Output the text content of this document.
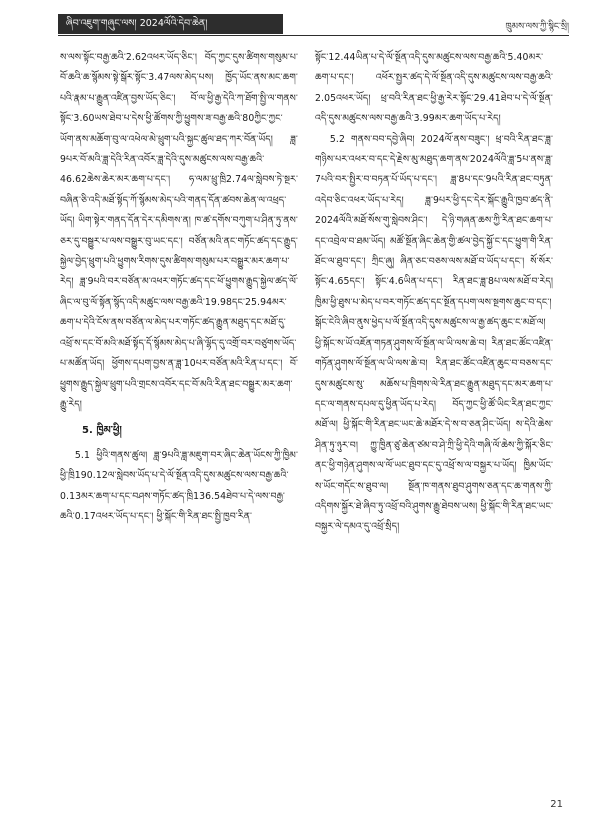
ཞིབ་འཇུག་གཞུང་ལས། 2024ལོའི་དེབ་ཆེན།	ཁྲུམས་ལས་ཀྱི་སྙིང་སྲི།

ས་ལས་སྟོང་བརྒྱ་ཆའི་2.62འཕར་ཡོད་ཅིང་། བོད་ཀྱང་དུས་ཚིགས་གསུམ་པ་བོ་ཆའི་ཆ་སྙོམས་སྟེ་སྒོར་སྟོང་3.47ལས་མེད་པས། ཁྱོད་ཡོང་ནས་མང་ཆག་པའི་རྣམ་པ་རྒྱུན་འཛིན་བྱས་ཡོད་ཅིང་། བོ་ལ་ཕྱི་རྒྱ་དེའི་ཀ་ཐོག་སྤྱི་ལ་གནས་སྟོང་3.60ཡས་ཐེབ་པ་དེས་ཕྱི་ཚོགས་ཀྱི་ཕྱུགས་ཟ་བརྒྱ་ཆའི་80ཀྱིང་ཀྱང་ཡོག་ནས་མཆོག་བུ་ལ་འཕེལ་མེ་ཕྲུག་པའི་སྐྱང་ཚུལ་ཐད་ཀར་བོན་ཡོད། ཟླ་9པར་བོ་མའི་ཟླ་དེའི་རིན་འབོར་ཟླ་དེའི་དུས་མཚུངས་ལས་བརྒྱ་ཆའི་46.62ཆེས་ཆེར་མར་ཆག་པ་དང་། ཧ་ལམ་ཕྲུ་ཁྲི2.74ལ་སླེབས་ཏེ་སྔར་བཞིན་ཅི་འདི་མཐོ་སྟོད་ཀོ་སྙོམས་མེད་པའི་གནད་དོན་ཚབས་ཆེན་ལ་འཕྲད་ཡོད། ཡིག་སྟེར་གནད་དོན་དེར་དམིགས་ན། ཁ་ཚ་དགོས་བཀུག་པ་ཤིན་ཏུ་ནས་ཅར་དུ་བསྒྱུར་པ་ལས་བསྒྱུར་བུ་ཡང་དང་། བཙོན་མའི་ནང་གཏོང་ཚད་དང་རྒྱུད་སྐྱེལ་བྱེད་ཕྲུག་པའི་ཕྱུགས་རིགས་དུས་ཚིགས་གསུམ་པར་བསྒྱུར་མར་ཆག་པ་རེད། ཟླ་9པའི་བར་བཙོན་མ་འཕར་གཏོང་ཚད་དང་ཕོ་ཕྱུགས་རྒྱུད་སྐྱེལ་ཚད་ལོ་ཞིང་ལ་བུ་ལོ་སྟོན་སྙོད་འདི་མཚུང་ལས་བརྒྱ་ཆའི་19.98དང་25.94མར་ཆག་པ་དེའི་ངོས་ནས་བཙོན་ལ་མེད་པར་གཏོང་ཚད་རྒྱུན་མཐུད་དང་མཐོ་དུ་འཕྲོ་ས་དང་བོ་མའི་མཐོ་སྟོད་དོ་སྙོམས་མེད་པ་ཞི་ལྷོད་དུ་འགྲོ་བར་བཙུགས་ཡོད་པ་མཚོན་ཡོད། ཕྱོགས་དཔག་བྱས་ན་ཟླ་10པར་བཙོན་མའི་རིན་པ་དང་། བོ་ཕྱུགས་རྒྱུད་སྐྱེལ་ཕྲུག་པའི་གྲངས་འབོར་དང་བོ་མའི་རིན་ཐང་བསྒྱུར་མར་ཆག་རྒྱུ་རེད།

5. ཁྱིམ་ཕྱི།

5.1 ཕྱིའི་གནས་ཚུལ། ཟླ་9པའི་ཟླ་མཇུག་བར་ཞིང་ཆེན་ཡོངས་ཀྱི་ཁྱིམ་ཕྱི་ཁྲི190.12ལ་སླེབས་ཡོད་པ་དེ་ལོ་སྔོན་འདི་དུས་མཚུངས་ལས་བརྒྱ་ཆའི་0.13མར་ཆག་པ་དང་བཤས་གཏོང་ཚད་ཁྲི136.54ཐེབ་པ་དེ་ལས་བརྒྱ་ཆའི་0.17འཕར་ཡོད་པ་དང་། ཕྱི་སྐོང་གི་རིན་ཐང་སྤྱི་ཁྱབ་རིན་

སྟོང་12.44ཡིན་པ་དེ་ལོ་སྔོན་འདི་དུས་མཚུངས་ལས་བརྒྱ་ཆའི་5.40མར་ཆག་པ་དང་། འཕོར་སྤྱར་ཚད་དེ་ལོ་སྔོན་འདི་དུས་མཚུངས་ལས་བརྒྱ་ཆའི་2.05འཕར་ཡོད། ཕྲ་བའི་རིན་ཐང་ཕྱི་རྒྱ་རེར་སྟོང་29.41ཐེབ་པ་དེ་ལོ་སྔོན་འདི་དུས་མཚུངས་ལས་བརྒྱ་ཆའི་3.99མར་ཆག་ཡོད་པ་རེད།

5.2 གནས་བབ་དབྱེ་ཞིབ། 2024ལོ་ནས་བཟུང་། ཕྲ་བའི་རིན་ཐང་ཟླ་གཉིས་པར་འཕར་བ་དང་དེ་རྗེས་མུ་མཐུད་ཆག་ནས་2024ལོའི་ཟླ་5པ་ནས་ཟླ་7པའི་བར་སྤྱིར་བ་བཏན་པོ་ཡོད་པ་དང་། ཟླ་8པ་དང་9པའི་རིན་ཐང་བཏུན་འདེབ་ཅིང་འཕར་ཡོད་པ་རེད། ཟླ་9པར་ཕྱི་དང་དེར་སྐོང་རྒྱུའི་ཁྱབ་ཚད་ནི་2024ལོའི་མཐོ་སོས་གུ་སླེབས་ཤིང་། དེ་ཉི་གཞན་ཆས་ཀྱི་རིན་ཐང་ཆག་པ་དང་འབྲེལ་བ་ཐམ་ཡོད། མཚོ་སྔོན་ཞིང་ཆེན་གྱི་ཚལ་བྱེད་སྐྱོ་ང་དང་ཕྱུག་གི་རིན་ཐོང་ལ་ཐུབ་དང་། ཀྲིང་ཞུ། ཞིན་ཅང་བཅས་ལས་མཐོ་བ་ཡོད་པ་དང་། སོ་སོར་སྟོང་4.65དང་། སྟོང་4.6ཡིན་པ་དང་། རིན་ཐང་ཟླ་8པ་ལས་མཐོ་བ་རེད། ཁྱིམ་ཕྱི་ཐུས་པ་མེད་པ་བར་གཏོང་ཚད་དང་སྔོན་དཔག་ལས་སྔགས་ཆུང་བ་དང་། སྒོང་ངེའི་ཞིབ་ནུས་ཕྱེད་པ་ལོ་སྔོན་འདི་དུས་མཚུངས་ལ་རྒྱ་ཚད་ཆུང་ང་མཐོ་ལ། ཕྱི་སྐོང་ས་ཡོ་འཇོན་གཏན་ཤུགས་ལོ་སྔོན་ལ་ཡི་ལས་ཆེ་བ། རིན་ཐང་ཚོང་འཛིན་གཏོན་ཤུགས་ལོ་སྔོན་ལ་ཡི་ལས་ཆེ་བ། རིན་ཐང་ཚོང་འཛིན་ཆུང་བ་བཅས་དང་དུས་མཚུངས་སུ་ མཆོས་པ་ཁྲིགས་ལེ་རིན་ཐང་རྒྱུན་མཐུད་དང་མར་ཆག་པ་དང་ལ་གནས་དཔལ་དུ་ཕྱིན་ཡོད་པ་རེད། བོད་ཀྱང་ཕྱི་ཚོ་ཡིང་རིན་ཐང་ཀྱང་མཐོ་ལ། ཕྱི་སྐོང་གི་རིན་ཐང་ཡང་ཆེ་མཐོར་དེ་ས་བ་ཅན་ཤིང་ཡོད། ས་དེའི་ཆེས་ཤིན་ཏུ་ཉུར་བ། ཀྱུ་ཁྱིན་ཙུ་ཆེན་ཙམ་བ་ཤེ་ཀྲི་ཕྱི་དེའི་གཞི་ལོ་ཆེས་ཀྱི་སྐོར་ཅིང་ནང་ཕྱི་གཉེན་ཤུགས་ལ་ལོ་ཡང་ཐུབ་དང་དུ་འཕྲོ་ས་ལ་བསྐྱར་པ་ཡོད། ཁྱིམ་ཡོང་ས་ཡོང་གདོང་ས་ཐུབ་ལ། སྔོན་ཁ་གནས་ཐུབ་ཤུགས་ཅན་དང་ཆ་གནས་ཀྱི་འདིགས་སྐྱོར་ཐེ་ཞིབ་ཏུ་འཕྲོ་བའི་ཤུགས་རྒྱུ་ཐེབས་ཡས། ཕྱི་སྐོང་གི་རིན་ཐང་ཡང་བསྐྱར་ལེ་དམའ་དུ་འཕྲོ་སྲིད།

21
